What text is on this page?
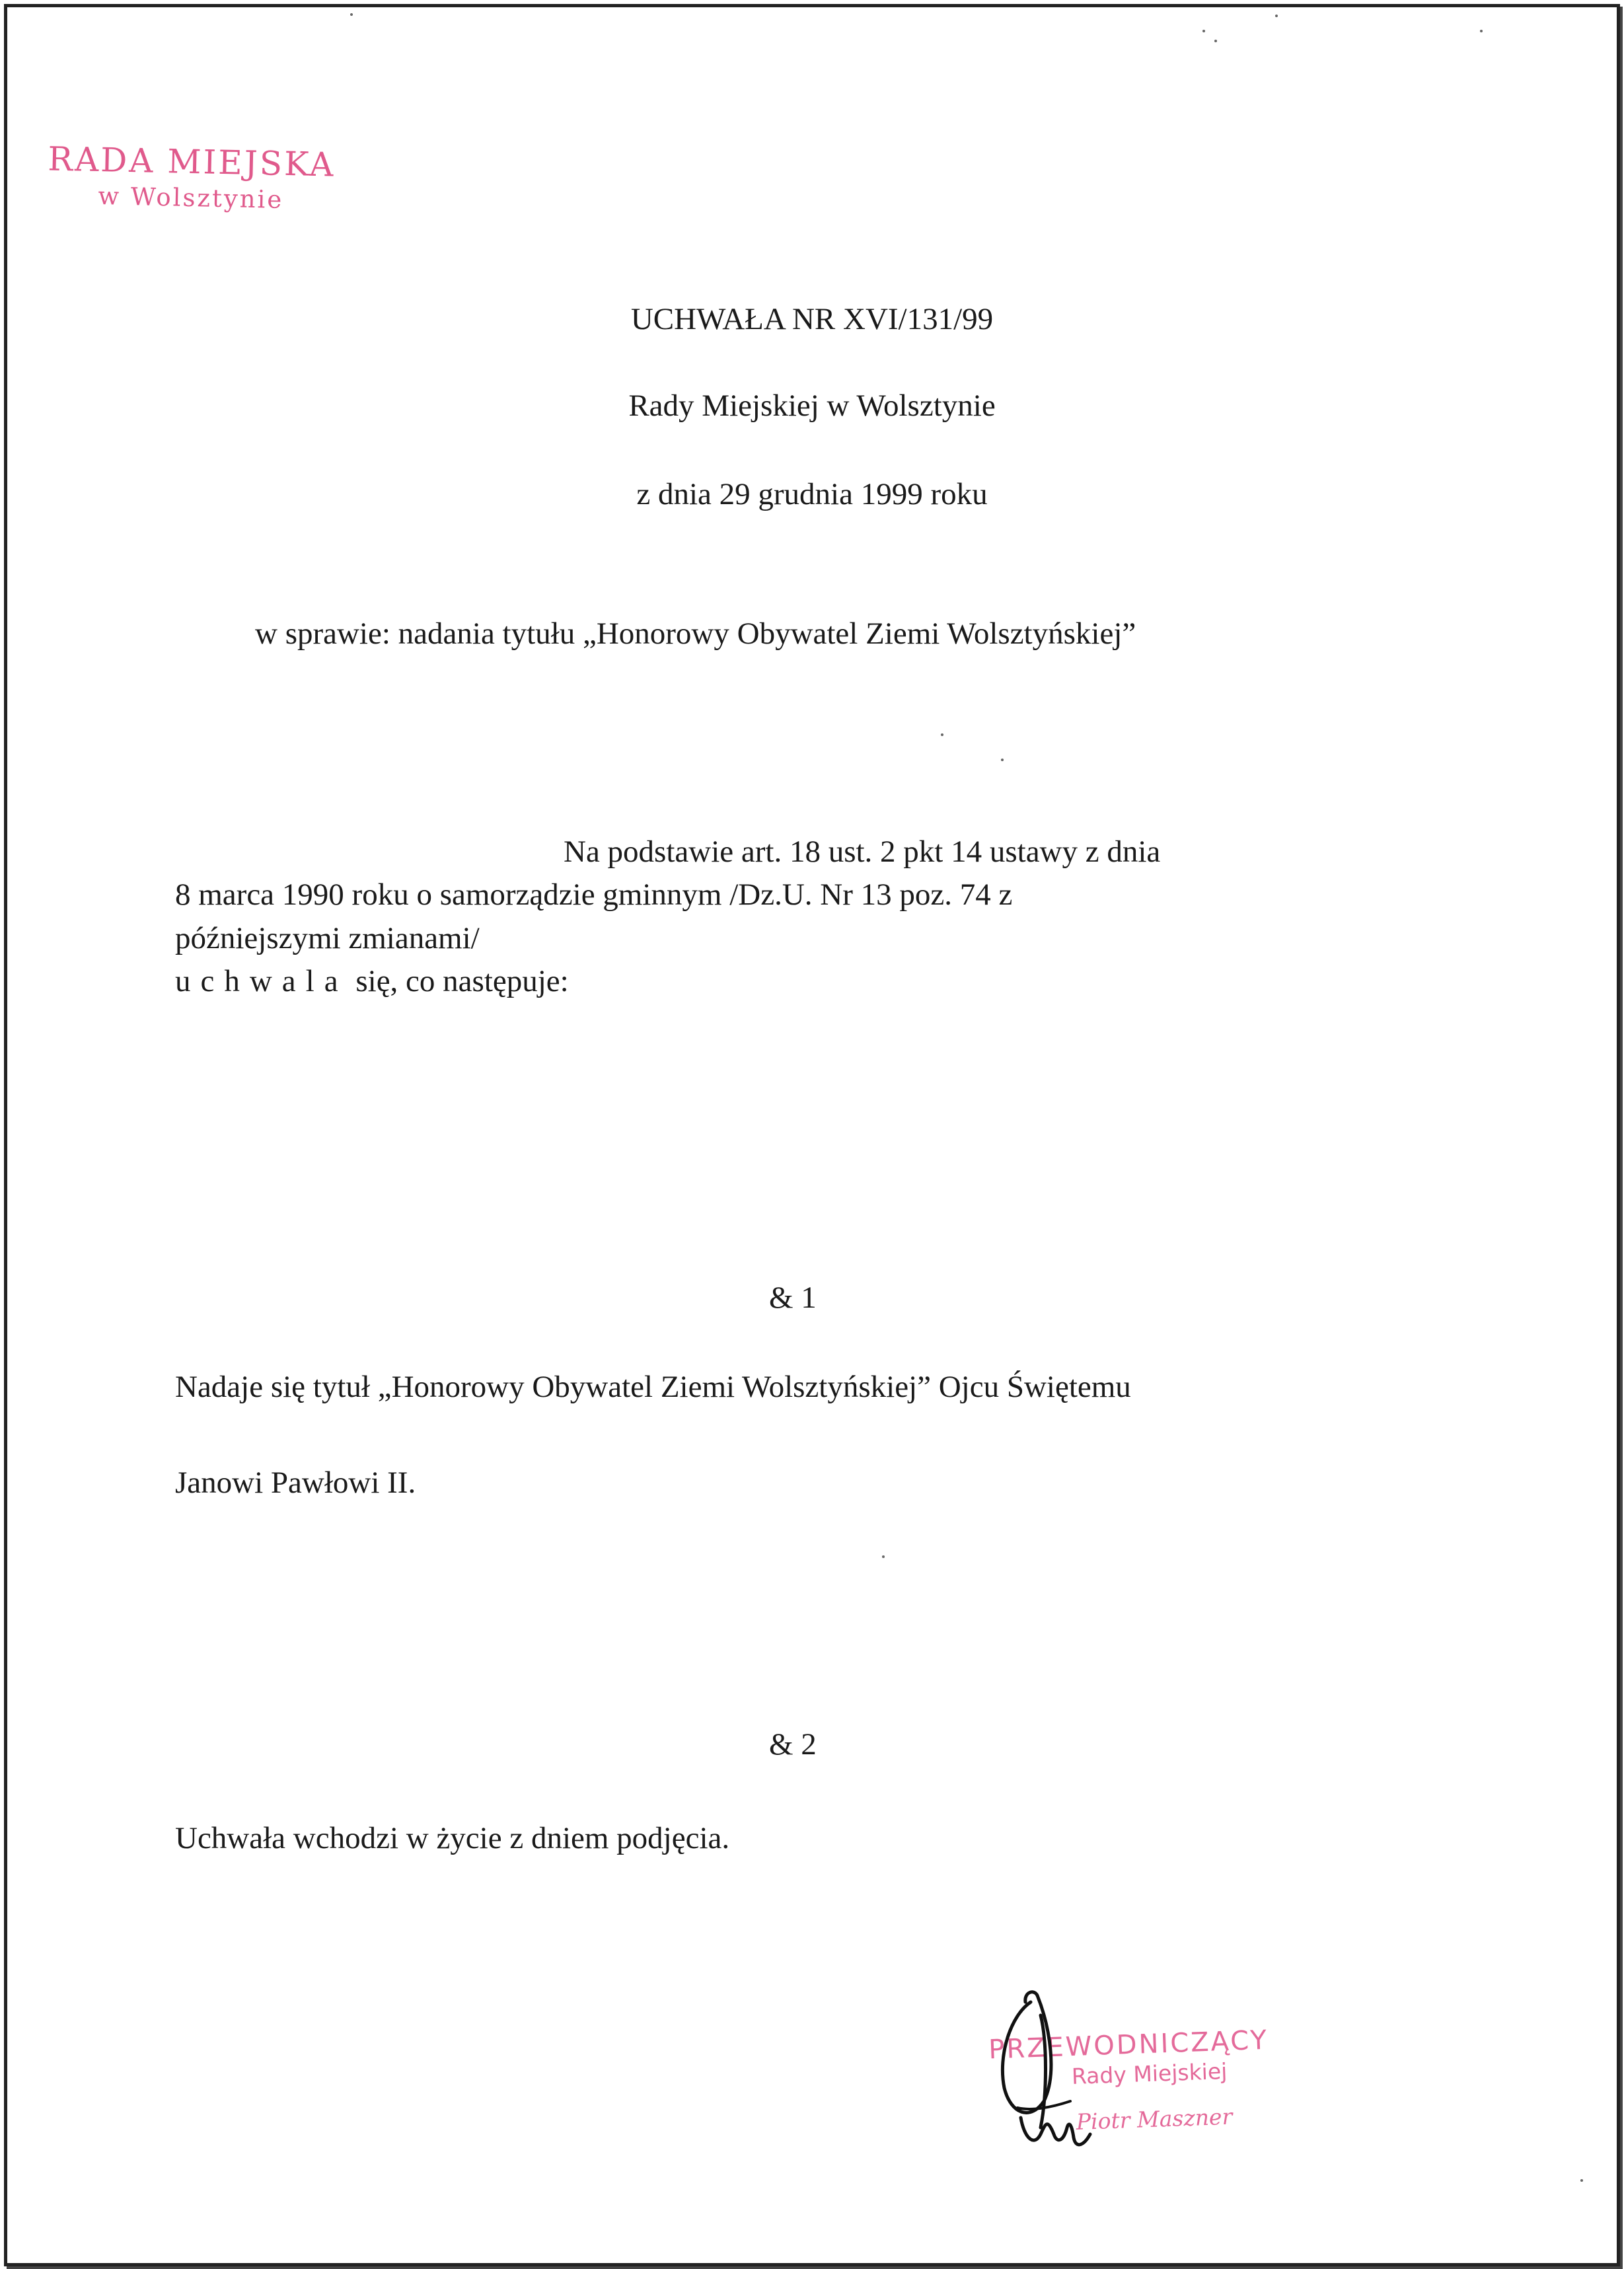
RADA MIEJSKA
w Wolsztynie
UCHWAŁA NR XVI/131/99
Rady Miejskiej w Wolsztynie
z dnia 29 grudnia 1999 roku
w sprawie: nadania tytułu „Honorowy Obywatel Ziemi Wolsztyńskiej”
Na podstawie art. 18 ust. 2 pkt 14 ustawy z dnia
8 marca 1990 roku o samorządzie gminnym /Dz.U. Nr 13 poz. 74 z
późniejszymi zmianami/
uchwala się, co następuje:
& 1
Nadaje się tytuł „Honorowy Obywatel Ziemi Wolsztyńskiej” Ojcu Świętemu
Janowi Pawłowi II.
& 2
Uchwała wchodzi w życie z dniem podjęcia.
PRZEWODNICZĄCY
Rady Miejskiej
Piotr Maszner
